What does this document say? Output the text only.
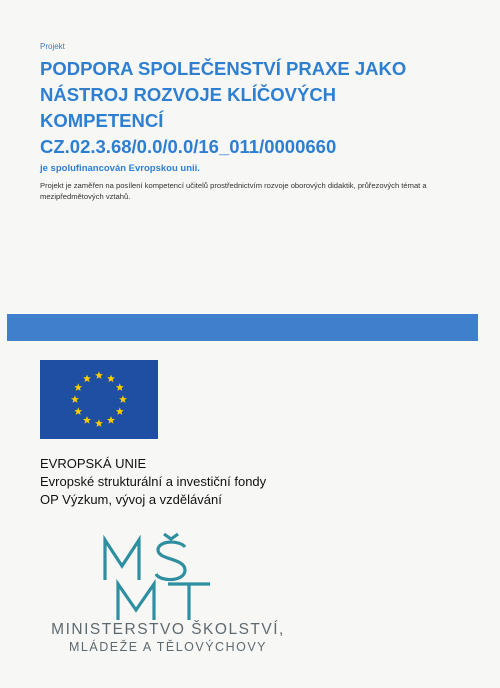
Projekt
PODPORA SPOLEČENSTVÍ PRAXE JAKO
NÁSTROJ ROZVOJE KLÍČOVÝCH
KOMPETENCÍ
CZ.02.3.68/0.0/0.0/16_011/0000660
je spolufinancován Evropskou unii.
Projekt je zaměřen na posílení kompetencí učitelů prostřednictvím rozvoje oborových didaktik, průřezových témat a mezipředmětových vztahů.
EVROPSKÁ UNIE
Evropské strukturální a investiční fondy
OP Výzkum, vývoj a vzdělávání
MINISTERSTVO ŠKOLSTVÍ,
MLÁDEŽE A TĚLOVÝCHOVY
